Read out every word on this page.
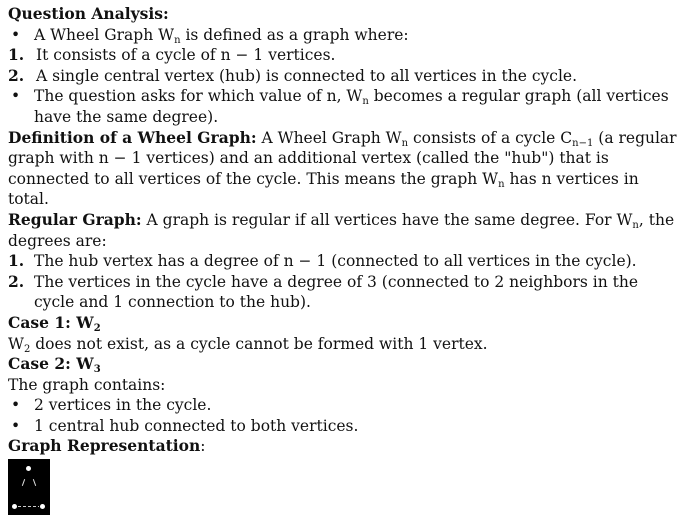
Question Analysis:
• A Wheel Graph $W_n$ is defined as a graph where:
1. It consists of a cycle of n − 1 vertices.
2. A single central vertex (hub) is connected to all vertices in the cycle.
• The question asks for which value of n, $W_n$ becomes a regular graph (all vertices
have the same degree).
Definition of a Wheel Graph: A Wheel Graph $W_n$ consists of a cycle $C_{n-1}$ (a regular
graph with n − 1 vertices) and an additional vertex (called the "hub") that is
connected to all vertices of the cycle. This means the graph $W_n$ has n vertices in
total.
Regular Graph: A graph is regular if all vertices have the same degree. For $W_n$, the
degrees are:
1. The hub vertex has a degree of n − 1 (connected to all vertices in the cycle).
2. The vertices in the cycle have a degree of 3 (connected to 2 neighbors in the
cycle and 1 connection to the hub).
Case 1: $W_2$
$W_2$ does not exist, as a cycle cannot be formed with 1 vertex.
Case 2: $W_3$
The graph contains:
• 2 vertices in the cycle.
• 1 central hub connected to both vertices.
Graph Representation:
